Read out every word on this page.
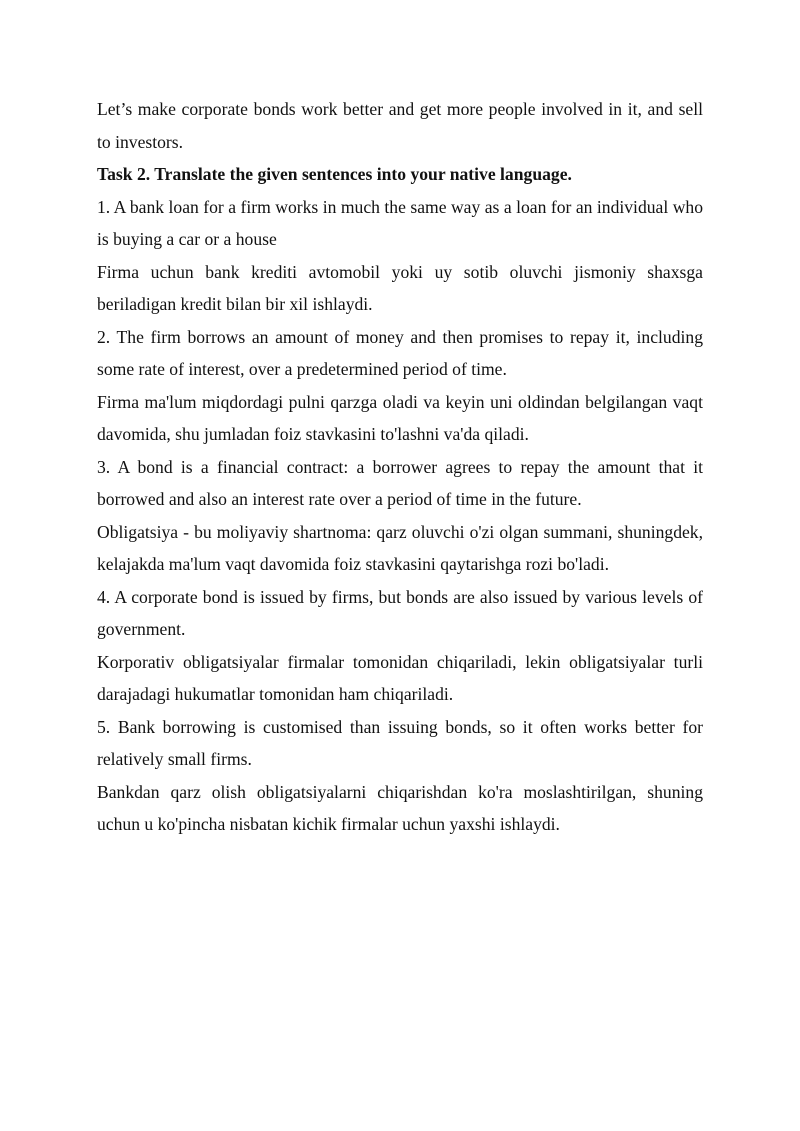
Let’s make corporate bonds work better and get more people involved in it, and sell to investors.

Task 2. Translate the given sentences into your native language.

1. A bank loan for a firm works in much the same way as a loan for an individual who is buying a car or a house

Firma uchun bank krediti avtomobil yoki uy sotib oluvchi jismoniy shaxsga beriladigan kredit bilan bir xil ishlaydi.

2. The firm borrows an amount of money and then promises to repay it, including some rate of interest, over a predetermined period of time.

Firma ma'lum miqdordagi pulni qarzga oladi va keyin uni oldindan belgilangan vaqt davomida, shu jumladan foiz stavkasini to'lashni va'da qiladi.

3. A bond is a financial contract: a borrower agrees to repay the amount that it borrowed and also an interest rate over a period of time in the future.

Obligatsiya - bu moliyaviy shartnoma: qarz oluvchi o'zi olgan summani, shuningdek, kelajakda ma'lum vaqt davomida foiz stavkasini qaytarishga rozi bo'ladi.

4. A corporate bond is issued by firms, but bonds are also issued by various levels of government.

Korporativ obligatsiyalar firmalar tomonidan chiqariladi, lekin obligatsiyalar turli darajadagi hukumatlar tomonidan ham chiqariladi.

5. Bank borrowing is customised than issuing bonds, so it often works better for relatively small firms.

Bankdan qarz olish obligatsiyalarni chiqarishdan ko'ra moslashtirilgan, shuning uchun u ko'pincha nisbatan kichik firmalar uchun yaxshi ishlaydi.
